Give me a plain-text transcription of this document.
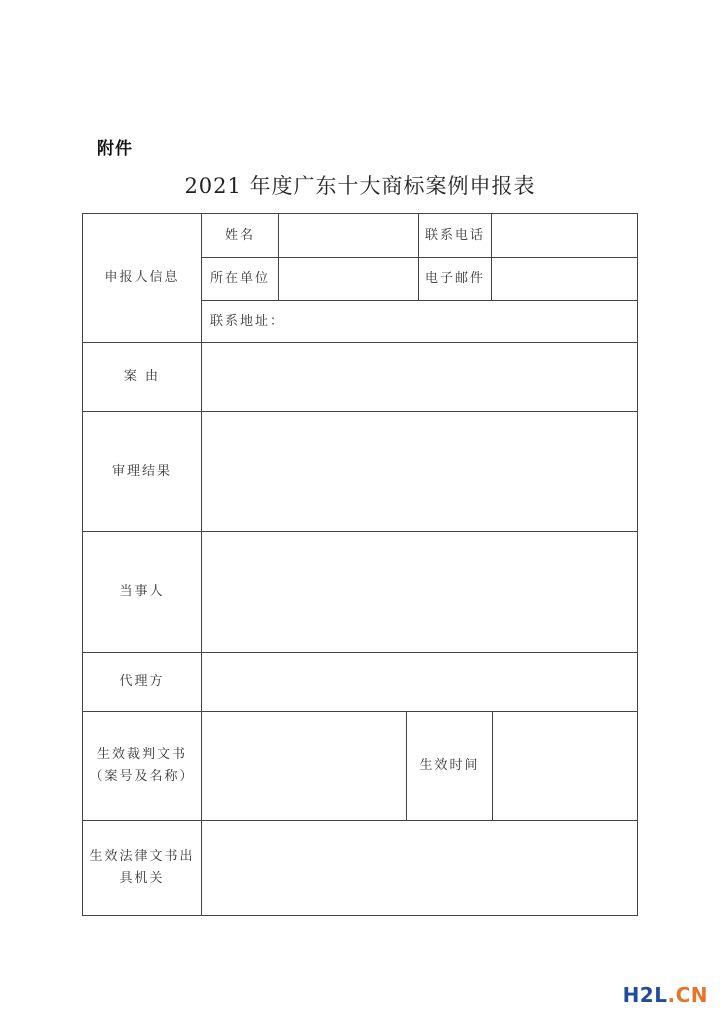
附件
2021 年度广东十大商标案例申报表
申报人信息
姓名	联系电话
所在单位	电子邮件
联系地址：
案 由
审理结果
当事人
代理方
生效裁判文书
（案号及名称）
生效时间
生效法律文书出
具机关
H2L.CN
